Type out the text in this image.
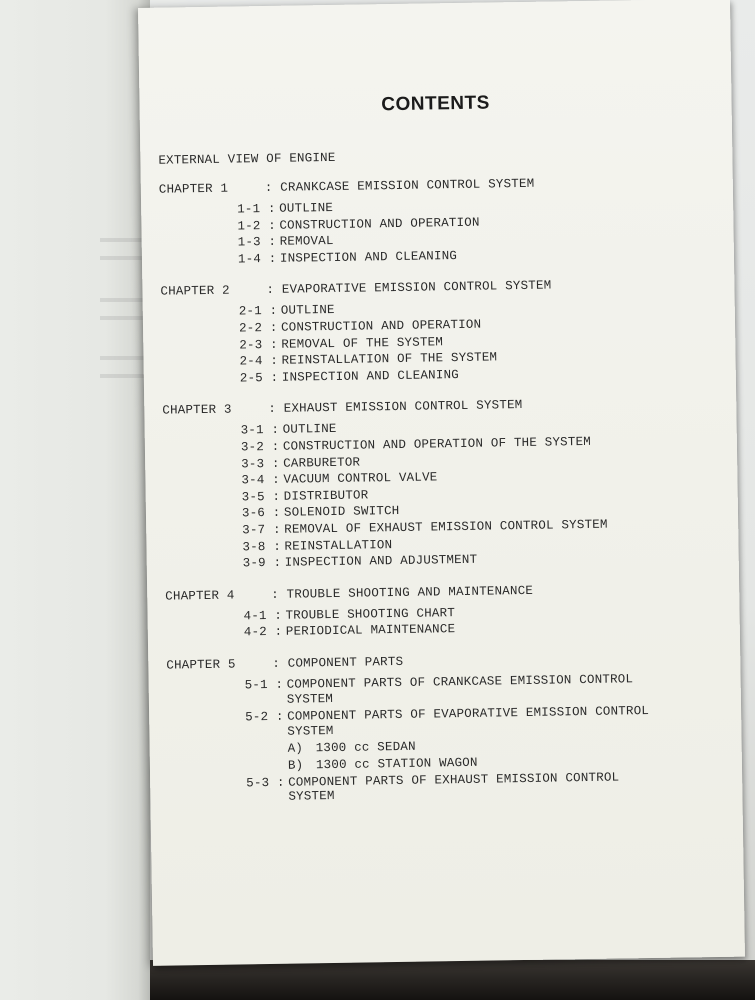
CONTENTS
EXTERNAL VIEW OF ENGINE
CHAPTER 1	: CRANKCASE EMISSION CONTROL SYSTEM
1-1 : OUTLINE
1-2 : CONSTRUCTION AND OPERATION
1-3 : REMOVAL
1-4 : INSPECTION AND CLEANING
CHAPTER 2	: EVAPORATIVE EMISSION CONTROL SYSTEM
2-1 : OUTLINE
2-2 : CONSTRUCTION AND OPERATION
2-3 : REMOVAL OF THE SYSTEM
2-4 : REINSTALLATION OF THE SYSTEM
2-5 : INSPECTION AND CLEANING
CHAPTER 3	: EXHAUST EMISSION CONTROL SYSTEM
3-1 : OUTLINE
3-2 : CONSTRUCTION AND OPERATION OF THE SYSTEM
3-3 : CARBURETOR
3-4 : VACUUM CONTROL VALVE
3-5 : DISTRIBUTOR
3-6 : SOLENOID SWITCH
3-7 : REMOVAL OF EXHAUST EMISSION CONTROL SYSTEM
3-8 : REINSTALLATION
3-9 : INSPECTION AND ADJUSTMENT
CHAPTER 4	: TROUBLE SHOOTING AND MAINTENANCE
4-1 : TROUBLE SHOOTING CHART
4-2 : PERIODICAL MAINTENANCE
CHAPTER 5	: COMPONENT PARTS
5-1 : COMPONENT PARTS OF CRANKCASE EMISSION CONTROL
SYSTEM
5-2 : COMPONENT PARTS OF EVAPORATIVE EMISSION CONTROL
SYSTEM
A) 1300 cc SEDAN
B) 1300 cc STATION WAGON
5-3 : COMPONENT PARTS OF EXHAUST EMISSION CONTROL
SYSTEM
